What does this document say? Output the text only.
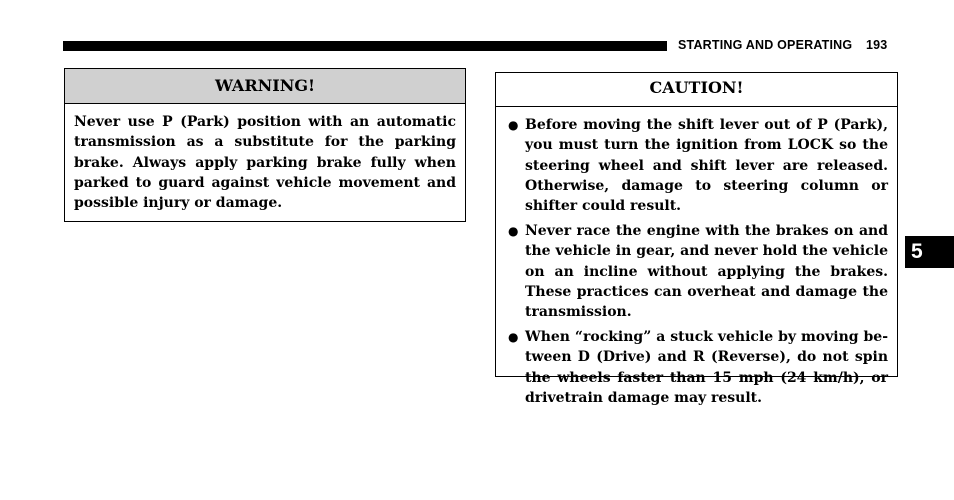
STARTING AND OPERATING 193
WARNING!
Never use P (Park) position with an automatic transmission as a substitute for the parking brake. Always apply parking brake fully when parked to guard against vehicle movement and possible injury or damage.
CAUTION!
● Before moving the shift lever out of P (Park), you must turn the ignition from LOCK so the steering wheel and shift lever are released. Otherwise, damage to steering column or shifter could result.
● Never race the engine with the brakes on and the vehicle in gear, and never hold the vehicle on an incline without applying the brakes. These practices can overheat and damage the transmission.
● When “rocking” a stuck vehicle by moving between D (Drive) and R (Reverse), do not spin the wheels faster than 15 mph (24 km/h), or drivetrain damage may result.
5
